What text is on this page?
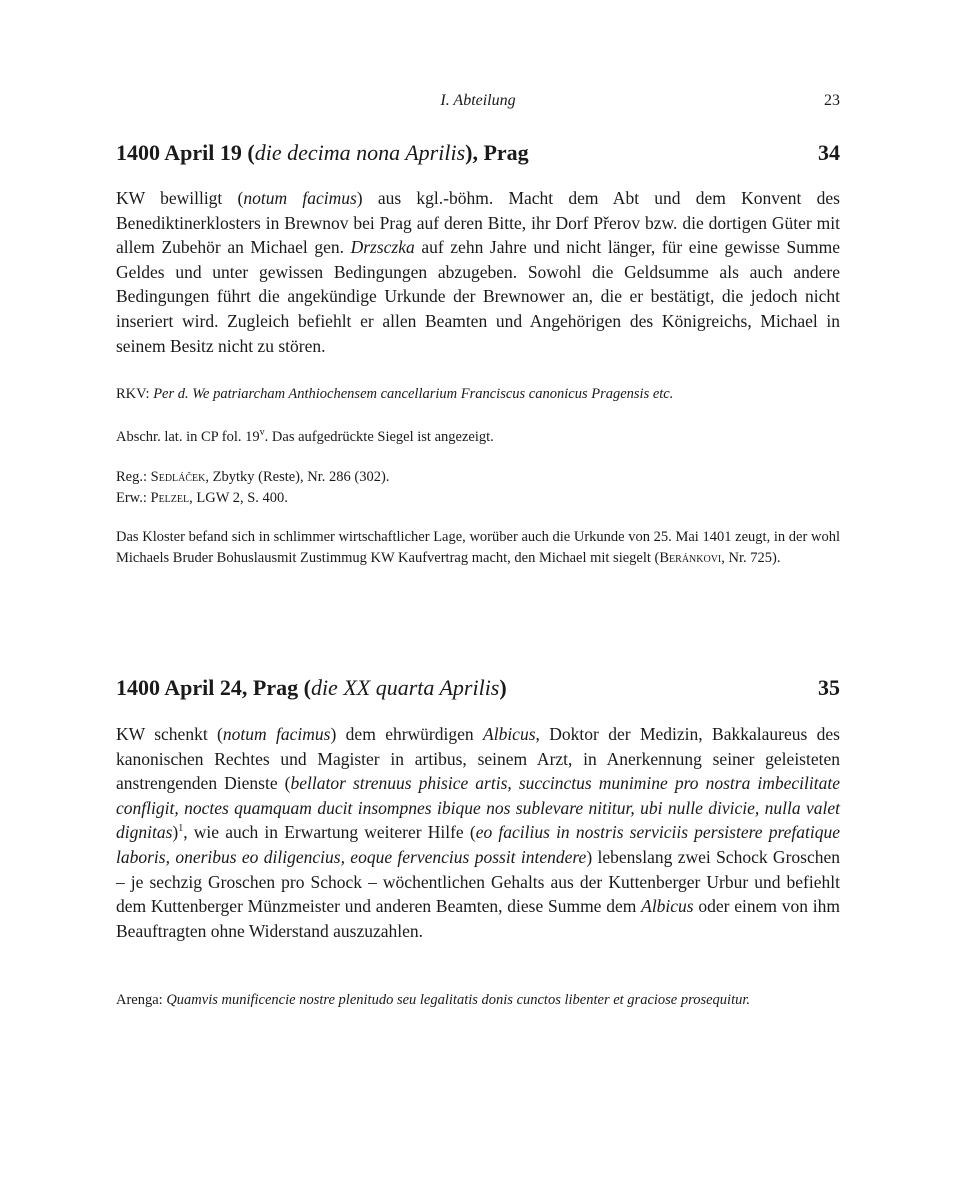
I. Abteilung	23
1400 April 19 (die decima nona Aprilis), Prag	34

KW bewilligt (notum facimus) aus kgl.-böhm. Macht dem Abt und dem Konvent des Benediktinerklosters in Brewnov bei Prag auf deren Bitte, ihr Dorf Přerov bzw. die dortigen Güter mit allem Zubehör an Michael gen. Drzsczka auf zehn Jahre und nicht länger, für eine gewisse Summe Geldes und unter gewissen Bedingungen abzugeben. Sowohl die Geldsumme als auch andere Bedingungen führt die angekündige Urkunde der Brewnower an, die er bestätigt, die jedoch nicht inseriert wird. Zugleich befiehlt er allen Beamten und Angehörigen des Königreichs, Michael in seinem Besitz nicht zu stören.

RKV: Per d. We patriarcham Anthiochensem cancellarium Franciscus canonicus Pragensis etc.

Abschr. lat. in CP fol. 19$^v$. Das aufgedrückte Siegel ist angezeigt.

Reg.: Sedláček, Zbytky (Reste), Nr. 286 (302).

Erw.: Pelzel, LGW 2, S. 400.

Das Kloster befand sich in schlimmer wirtschaftlicher Lage, worüber auch die Urkunde von 25. Mai 1401 zeugt, in der wohl Michaels Bruder Bohuslausmit Zustimmug KW Kaufvertrag macht, den Michael mit siegelt (Beránkovi, Nr. 725).

1400 April 24, Prag (die XX quarta Aprilis)	35

KW schenkt (notum facimus) dem ehrwürdigen Albicus, Doktor der Medizin, Bakkalaureus des kanonischen Rechtes und Magister in artibus, seinem Arzt, in Anerkennung seiner geleisteten anstrengenden Dienste (bellator strenuus phisice artis, succinctus munimine pro nostra imbecilitate confligit, noctes quamquam ducit insompnes ibique nos sublevare nititur, ubi nulle divicie, nulla valet dignitas)$^1$, wie auch in Erwartung weiterer Hilfe (eo facilius in nostris serviciis persistere prefatique laboris, oneribus eo diligencius, eoque fervencius possit intendere) lebenslang zwei Schock Groschen – je sechzig Groschen pro Schock – wöchentlichen Gehalts aus der Kuttenberger Urbur und befiehlt dem Kuttenberger Münzmeister und anderen Beamten, diese Summe dem Albicus oder einem von ihm Beauftragten ohne Widerstand auszuzahlen.

Arenga: Quamvis munificencie nostre plenitudo seu legalitatis donis cunctos libenter et graciose prosequitur.
